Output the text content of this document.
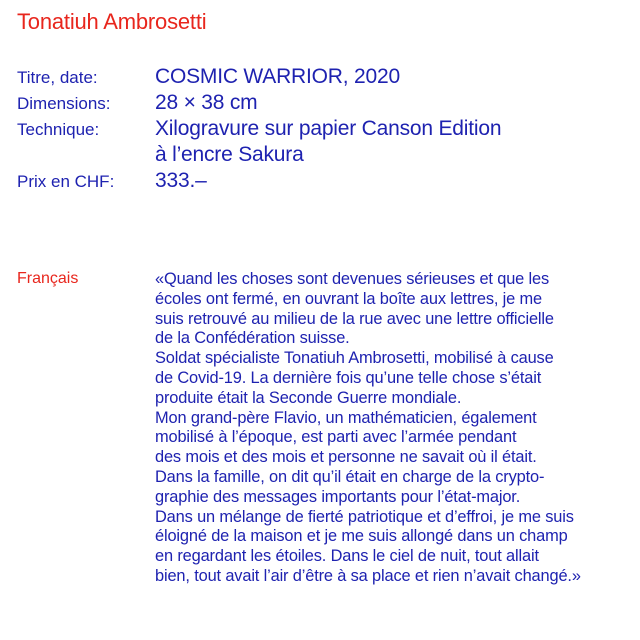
Tonatiuh Ambrosetti
Titre, date:	COSMIC WARRIOR, 2020
Dimensions:	28 × 38 cm
Technique:	Xilogravure sur papier Canson Edition
à l’encre Sakura
Prix en CHF:	333.–
Français	«Quand les choses sont devenues sérieuses et que les
écoles ont fermé, en ouvrant la boîte aux lettres, je me
suis retrouvé au milieu de la rue avec une lettre officielle
de la Confédération suisse.
Soldat spécialiste Tonatiuh Ambrosetti, mobilisé à cause
de Covid-19. La dernière fois qu’une telle chose s’était
produite était la Seconde Guerre mondiale.
Mon grand-père Flavio, un mathématicien, également
mobilisé à l’époque, est parti avec l’armée pendant
des mois et des mois et personne ne savait où il était.
Dans la famille, on dit qu’il était en charge de la crypto-
graphie des messages importants pour l’état-major.
Dans un mélange de fierté patriotique et d’effroi, je me suis
éloigné de la maison et je me suis allongé dans un champ
en regardant les étoiles. Dans le ciel de nuit, tout allait
bien, tout avait l’air d’être à sa place et rien n’avait changé.»
